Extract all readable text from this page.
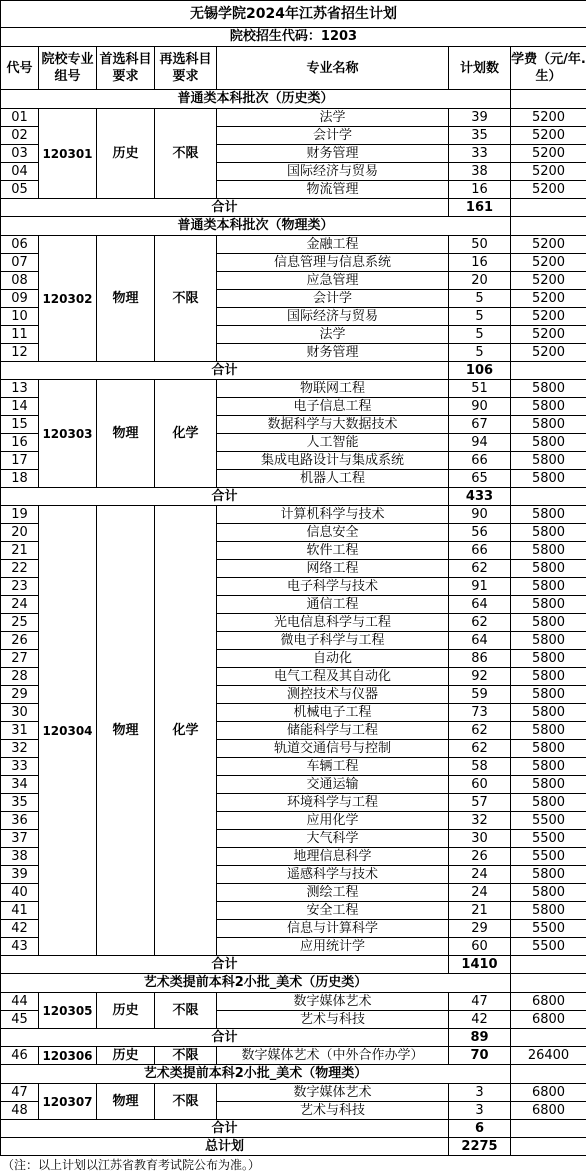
无锡学院2024年江苏省招生计划						
院校招生代码：1203						
代号	院校专业组号	首选科目要求	再选科目要求	专业名称	计划数	学费（元/年.生）
普通类本科批次（历史类）						
01	120301	历史	不限	法学	39	5200
02				会计学	35	5200
03				财务管理	33	5200
04				国际经济与贸易	38	5200
05				物流管理	16	5200
合计					161	
普通类本科批次（物理类）						
06	120302	物理	不限	金融工程	50	5200
07				信息管理与信息系统	16	5200
08				应急管理	20	5200
09				会计学	5	5200
10				国际经济与贸易	5	5200
11				法学	5	5200
12				财务管理	5	5200
合计					106	
13	120303	物理	化学	物联网工程	51	5800
14				电子信息工程	90	5800
15				数据科学与大数据技术	67	5800
16				人工智能	94	5800
17				集成电路设计与集成系统	66	5800
18				机器人工程	65	5800
合计					433	
19	120304	物理	化学	计算机科学与技术	90	5800
20				信息安全	56	5800
21				软件工程	66	5800
22				网络工程	62	5800
23				电子科学与技术	91	5800
24				通信工程	64	5800
25				光电信息科学与工程	62	5800
26				微电子科学与工程	64	5800
27				自动化	86	5800
28				电气工程及其自动化	92	5800
29				测控技术与仪器	59	5800
30				机械电子工程	73	5800
31				储能科学与工程	62	5800
32				轨道交通信号与控制	62	5800
33				车辆工程	58	5800
34				交通运输	60	5800
35				环境科学与工程	57	5800
36				应用化学	32	5500
37				大气科学	30	5500
38				地理信息科学	26	5500
39				遥感科学与技术	24	5800
40				测绘工程	24	5800
41				安全工程	21	5800
42				信息与计算科学	29	5500
43				应用统计学	60	5500
合计					1410	
艺术类提前本科2小批_美术（历史类）						
44	120305	历史	不限	数字媒体艺术	47	6800
45				艺术与科技	42	6800
合计					89	
46	120306	历史	不限	数字媒体艺术（中外合作办学）	70	26400
艺术类提前本科2小批_美术（物理类）						
47	120307	物理	不限	数字媒体艺术	3	6800
48				艺术与科技	3	6800
合计					6	
总计划					2275	
（注：以上计划以江苏省教育考试院公布为准。）
